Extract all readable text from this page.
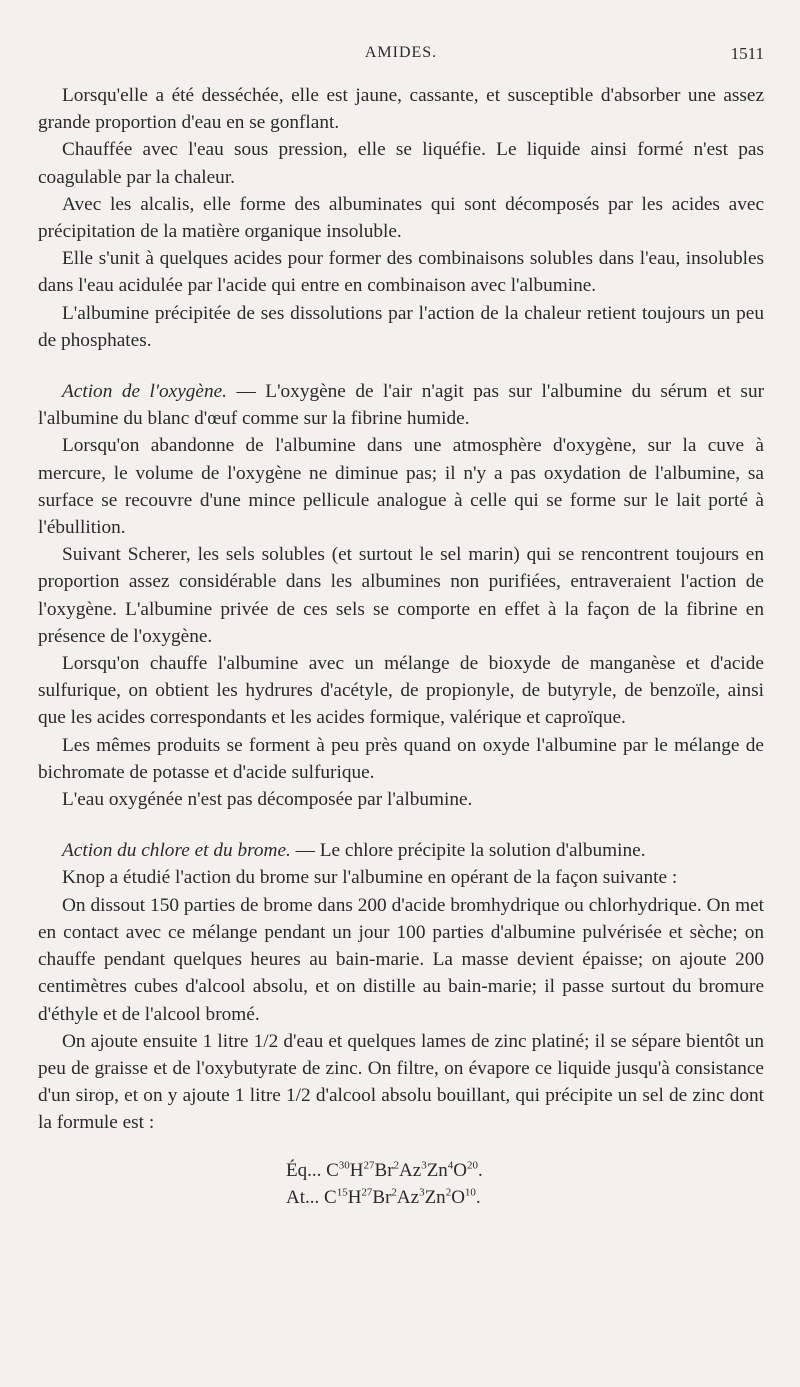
AMIDES.	1511

Lorsqu'elle a été desséchée, elle est jaune, cassante, et susceptible d'absorber une assez grande proportion d'eau en se gonflant.

Chauffée avec l'eau sous pression, elle se liquéfie. Le liquide ainsi formé n'est pas coagulable par la chaleur.

Avec les alcalis, elle forme des albuminates qui sont décomposés par les acides avec précipitation de la matière organique insoluble.

Elle s'unit à quelques acides pour former des combinaisons solubles dans l'eau, insolubles dans l'eau acidulée par l'acide qui entre en combinaison avec l'albumine.

L'albumine précipitée de ses dissolutions par l'action de la chaleur retient toujours un peu de phosphates.

Action de l'oxygène. — L'oxygène de l'air n'agit pas sur l'albumine du sérum et sur l'albumine du blanc d'œuf comme sur la fibrine humide.

Lorsqu'on abandonne de l'albumine dans une atmosphère d'oxygène, sur la cuve à mercure, le volume de l'oxygène ne diminue pas; il n'y a pas oxydation de l'albumine, sa surface se recouvre d'une mince pellicule analogue à celle qui se forme sur le lait porté à l'ébullition.

Suivant Scherer, les sels solubles (et surtout le sel marin) qui se rencontrent toujours en proportion assez considérable dans les albumines non purifiées, entraveraient l'action de l'oxygène. L'albumine privée de ces sels se comporte en effet à la façon de la fibrine en présence de l'oxygène.

Lorsqu'on chauffe l'albumine avec un mélange de bioxyde de manganèse et d'acide sulfurique, on obtient les hydrures d'acétyle, de propionyle, de butyryle, de benzoïle, ainsi que les acides correspondants et les acides formique, valérique et caproïque.

Les mêmes produits se forment à peu près quand on oxyde l'albumine par le mélange de bichromate de potasse et d'acide sulfurique.

L'eau oxygénée n'est pas décomposée par l'albumine.

Action du chlore et du brome. — Le chlore précipite la solution d'albumine.

Knop a étudié l'action du brome sur l'albumine en opérant de la façon suivante :

On dissout 150 parties de brome dans 200 d'acide bromhydrique ou chlorhydrique. On met en contact avec ce mélange pendant un jour 100 parties d'albumine pulvérisée et sèche; on chauffe pendant quelques heures au bain-marie. La masse devient épaisse; on ajoute 200 centimètres cubes d'alcool absolu, et on distille au bain-marie; il passe surtout du bromure d'éthyle et de l'alcool bromé.

On ajoute ensuite 1 litre 1/2 d'eau et quelques lames de zinc platiné; il se sépare bientôt un peu de graisse et de l'oxybutyrate de zinc. On filtre, on évapore ce liquide jusqu'à consistance d'un sirop, et on y ajoute 1 litre 1/2 d'alcool absolu bouillant, qui précipite un sel de zinc dont la formule est :

Éq... $C^{30}H^{27}Br^2Az^3Zn^4O^{20}$.
At... $C^{15}H^{27}Br^2Az^3Zn^2O^{10}$.
